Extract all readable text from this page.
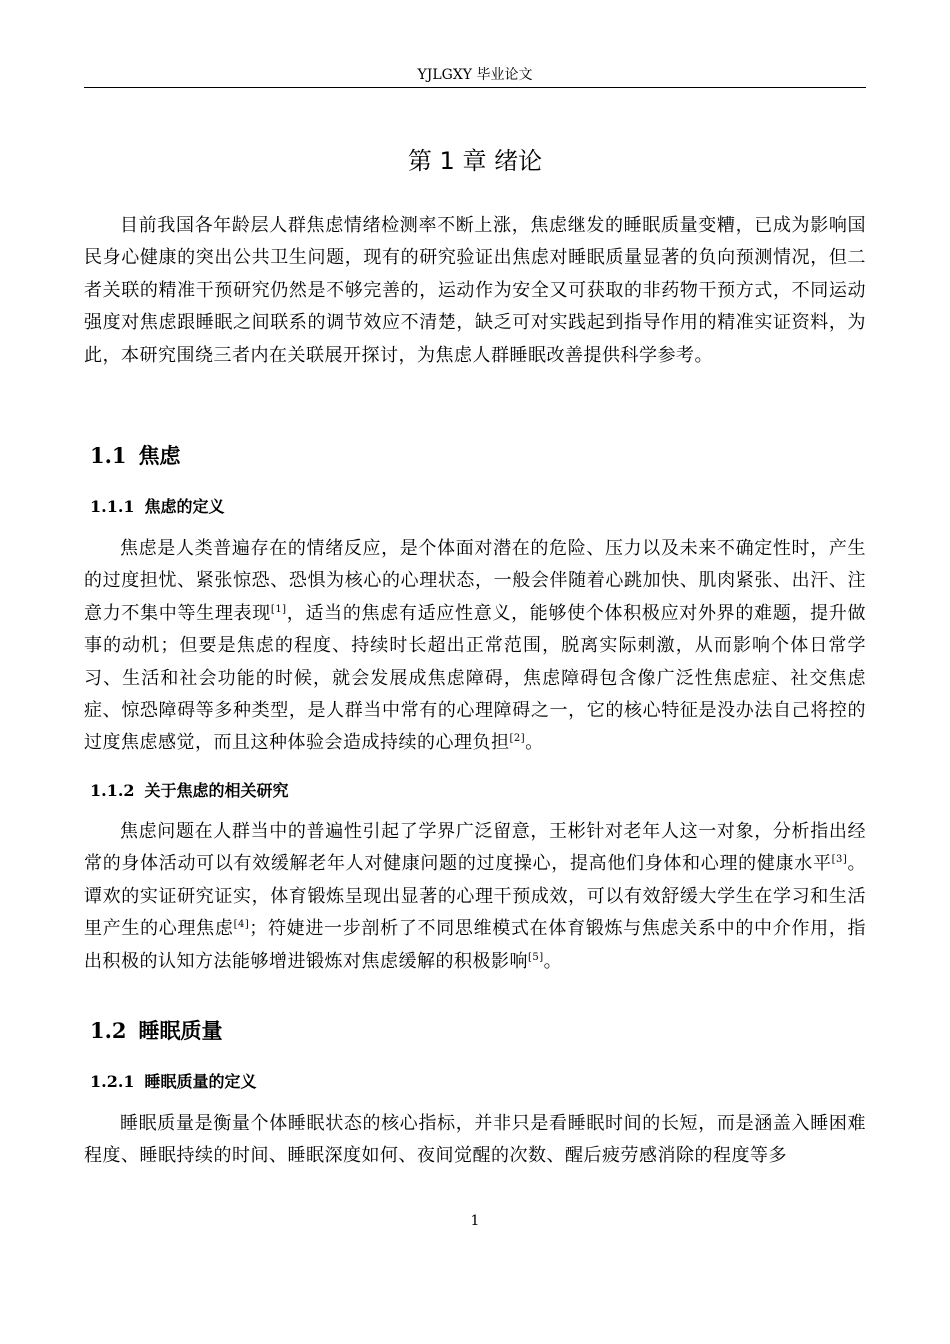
YJLGXY 毕业论文
第 1 章 绪论

目前我国各年龄层人群焦虑情绪检测率不断上涨，焦虑继发的睡眠质量变糟，已成为影响国民身心健康的突出公共卫生问题，现有的研究验证出焦虑对睡眠质量显著的负向预测情况，但二者关联的精准干预研究仍然是不够完善的，运动作为安全又可获取的非药物干预方式，不同运动强度对焦虑跟睡眠之间联系的调节效应不清楚，缺乏可对实践起到指导作用的精准实证资料，为此，本研究围绕三者内在关联展开探讨，为焦虑人群睡眠改善提供科学参考。

1.1 焦虑
1.1.1 焦虑的定义

焦虑是人类普遍存在的情绪反应，是个体面对潜在的危险、压力以及未来不确定性时，产生的过度担忧、紧张惊恐、恐惧为核心的心理状态，一般会伴随着心跳加快、肌肉紧张、出汗、注意力不集中等生理表现[1]，适当的焦虑有适应性意义，能够使个体积极应对外界的难题，提升做事的动机；但要是焦虑的程度、持续时长超出正常范围，脱离实际刺激，从而影响个体日常学习、生活和社会功能的时候，就会发展成焦虑障碍，焦虑障碍包含像广泛性焦虑症、社交焦虑症、惊恐障碍等多种类型，是人群当中常有的心理障碍之一，它的核心特征是没办法自己将控的过度焦虑感觉，而且这种体验会造成持续的心理负担[2]。

1.1.2 关于焦虑的相关研究

焦虑问题在人群当中的普遍性引起了学界广泛留意，王彬针对老年人这一对象，分析指出经常的身体活动可以有效缓解老年人对健康问题的过度操心，提高他们身体和心理的健康水平[3]。谭欢的实证研究证实，体育锻炼呈现出显著的心理干预成效，可以有效舒缓大学生在学习和生活里产生的心理焦虑[4]；符婕进一步剖析了不同思维模式在体育锻炼与焦虑关系中的中介作用，指出积极的认知方法能够增进锻炼对焦虑缓解的积极影响[5]。

1.2 睡眠质量
1.2.1 睡眠质量的定义

睡眠质量是衡量个体睡眠状态的核心指标，并非只是看睡眠时间的长短，而是涵盖入睡困难程度、睡眠持续的时间、睡眠深度如何、夜间觉醒的次数、醒后疲劳感消除的程度等多

1
